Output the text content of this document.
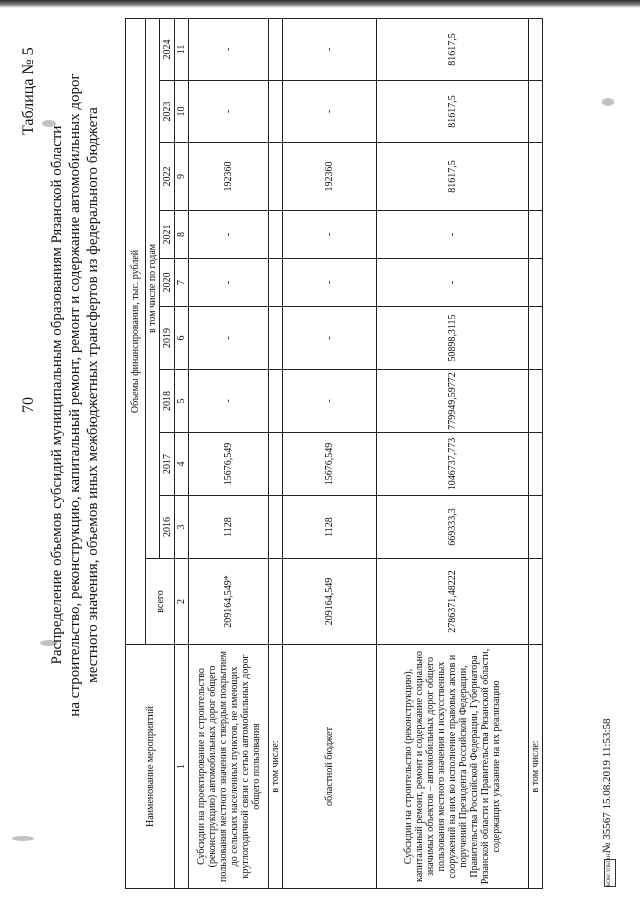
70
Таблица № 5
Распределение объемов субсидий муниципальным образованиям Рязанской области на строительство, реконструкцию, капитальный ремонт, ремонт и содержание автомобильных дорог местного значения, объемов иных межбюджетных трансфертов из федерального бюджета
Наименование мероприятий	Объемы финансирования, тыс. рублей									
	всего	в том числе по годам								
		2016	2017	2018	2019	2020	2021	2022	2023	2024
1	2	3	4	5	6	7	8	9	10	11
Субсидии на проектирование и строительство (реконструкцию) автомобильных дорог общего пользования местного значения с твердым покрытием до сельских населенных пунктов, не имеющих круглогодичной связи с сетью автомобильных дорог общего пользования	209164,549*	1128	15676,549	-	-	-	-	192360	-	-
в том числе:										
областной бюджет	209164,549	1128	15676,549	-	-	-	-	192360	-	-
Субсидии на строительство (реконструкцию), капитальный ремонт, ремонт и содержание социально значимых объектов – автомобильных дорог общего пользования местного значения и искусственных сооружений на них во исполнение правовых актов и поручений Президента Российской Федерации, Правительства Российской Федерации, Губернатора Рязанской области и Правительства Рязанской области, содержащих указание на их реализацию	2786371,48222	669333,3	1046737,773	779949,59772	50898,3115	-	-	81617,5	81617,5	81617,5
в том числе:										
КОНСУЛЬТАНТ
№ 35567 15.08.2019 11:53:58
